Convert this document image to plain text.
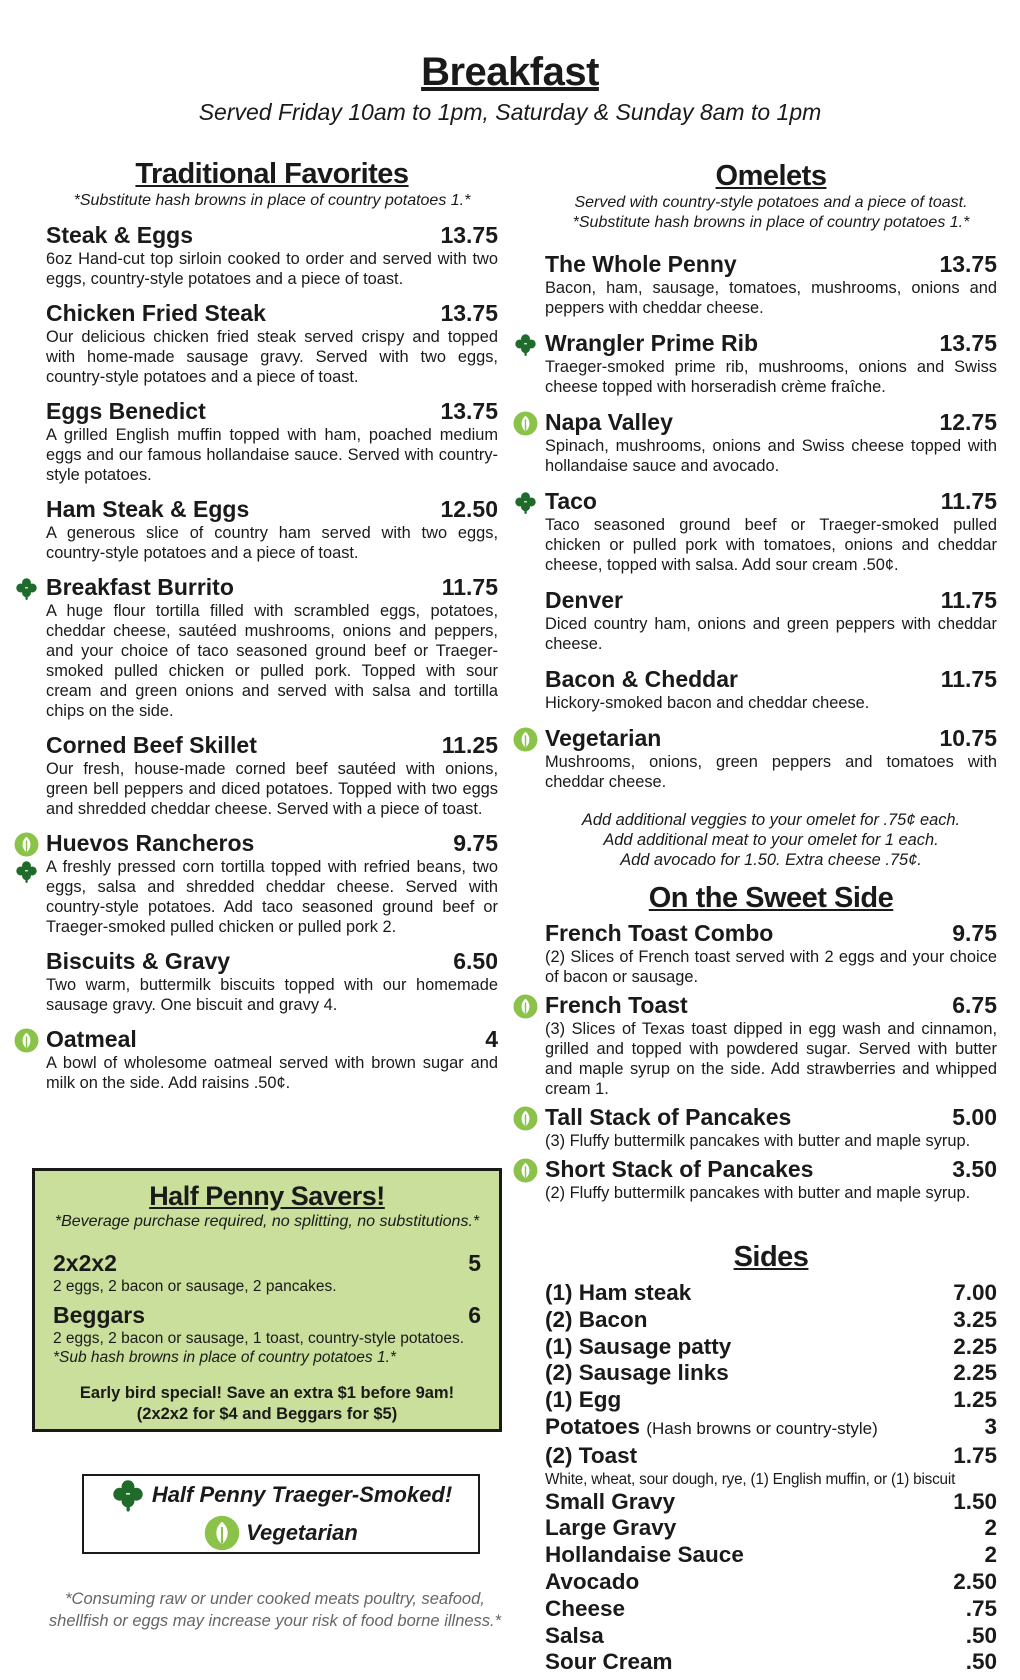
Breakfast
Served Friday 10am to 1pm, Saturday & Sunday 8am to 1pm
Traditional Favorites
*Substitute hash browns in place of country potatoes 1.*
Steak & Eggs	13.75
6oz Hand-cut top sirloin cooked to order and served with two eggs, country-style potatoes and a piece of toast.
Chicken Fried Steak	13.75
Our delicious chicken fried steak served crispy and topped with home-made sausage gravy. Served with two eggs, country-style potatoes and a piece of toast.
Eggs Benedict	13.75
A grilled English muffin topped with ham, poached medium eggs and our famous hollandaise sauce. Served with country-style potatoes.
Ham Steak & Eggs	12.50
A generous slice of country ham served with two eggs, country-style potatoes and a piece of toast.
Breakfast Burrito	11.75
A huge flour tortilla filled with scrambled eggs, potatoes, cheddar cheese, sautéed mushrooms, onions and peppers, and your choice of taco seasoned ground beef or Traeger-smoked pulled chicken or pulled pork. Topped with sour cream and green onions and served with salsa and tortilla chips on the side.
Corned Beef Skillet	11.25
Our fresh, house-made corned beef sautéed with onions, green bell peppers and diced potatoes. Topped with two eggs and shredded cheddar cheese. Served with a piece of toast.
Huevos Rancheros	9.75
A freshly pressed corn tortilla topped with refried beans, two eggs, salsa and shredded cheddar cheese. Served with country-style potatoes. Add taco seasoned ground beef or Traeger-smoked pulled chicken or pulled pork 2.
Biscuits & Gravy	6.50
Two warm, buttermilk biscuits topped with our homemade sausage gravy. One biscuit and gravy 4.
Oatmeal	4
A bowl of wholesome oatmeal served with brown sugar and milk on the side. Add raisins .50¢.
Half Penny Savers!
*Beverage purchase required, no splitting, no substitutions.*
2x2x2	5
2 eggs, 2 bacon or sausage, 2 pancakes.
Beggars	6
2 eggs, 2 bacon or sausage, 1 toast, country-style potatoes.
*Sub hash browns in place of country potatoes 1.*
Early bird special! Save an extra $1 before 9am!
(2x2x2 for $4 and Beggars for $5)
Half Penny Traeger-Smoked!
Vegetarian
*Consuming raw or under cooked meats poultry, seafood,
shellfish or eggs may increase your risk of food borne illness.*
Omelets
Served with country-style potatoes and a piece of toast.
*Substitute hash browns in place of country potatoes 1.*
The Whole Penny	13.75
Bacon, ham, sausage, tomatoes, mushrooms, onions and peppers with cheddar cheese.
Wrangler Prime Rib	13.75
Traeger-smoked prime rib, mushrooms, onions and Swiss cheese topped with horseradish crème fraîche.
Napa Valley	12.75
Spinach, mushrooms, onions and Swiss cheese topped with hollandaise sauce and avocado.
Taco	11.75
Taco seasoned ground beef or Traeger-smoked pulled chicken or pulled pork with tomatoes, onions and cheddar cheese, topped with salsa. Add sour cream .50¢.
Denver	11.75
Diced country ham, onions and green peppers with cheddar cheese.
Bacon & Cheddar	11.75
Hickory-smoked bacon and cheddar cheese.
Vegetarian	10.75
Mushrooms, onions, green peppers and tomatoes with cheddar cheese.
Add additional veggies to your omelet for .75¢ each.
Add additional meat to your omelet for 1 each.
Add avocado for 1.50. Extra cheese .75¢.
On the Sweet Side
French Toast Combo	9.75
(2) Slices of French toast served with 2 eggs and your choice of bacon or sausage.
French Toast	6.75
(3) Slices of Texas toast dipped in egg wash and cinnamon, grilled and topped with powdered sugar. Served with butter and maple syrup on the side. Add strawberries and whipped cream 1.
Tall Stack of Pancakes	5.00
(3) Fluffy buttermilk pancakes with butter and maple syrup.
Short Stack of Pancakes	3.50
(2) Fluffy buttermilk pancakes with butter and maple syrup.
Sides
(1) Ham steak	7.00
(2) Bacon	3.25
(1) Sausage patty	2.25
(2) Sausage links	2.25
(1) Egg	1.25
Potatoes (Hash browns or country-style)	3
(2) Toast	1.75
White, wheat, sour dough, rye, (1) English muffin, or (1) biscuit
Small Gravy	1.50
Large Gravy	2
Hollandaise Sauce	2
Avocado	2.50
Cheese	.75
Salsa	.50
Sour Cream	.50
